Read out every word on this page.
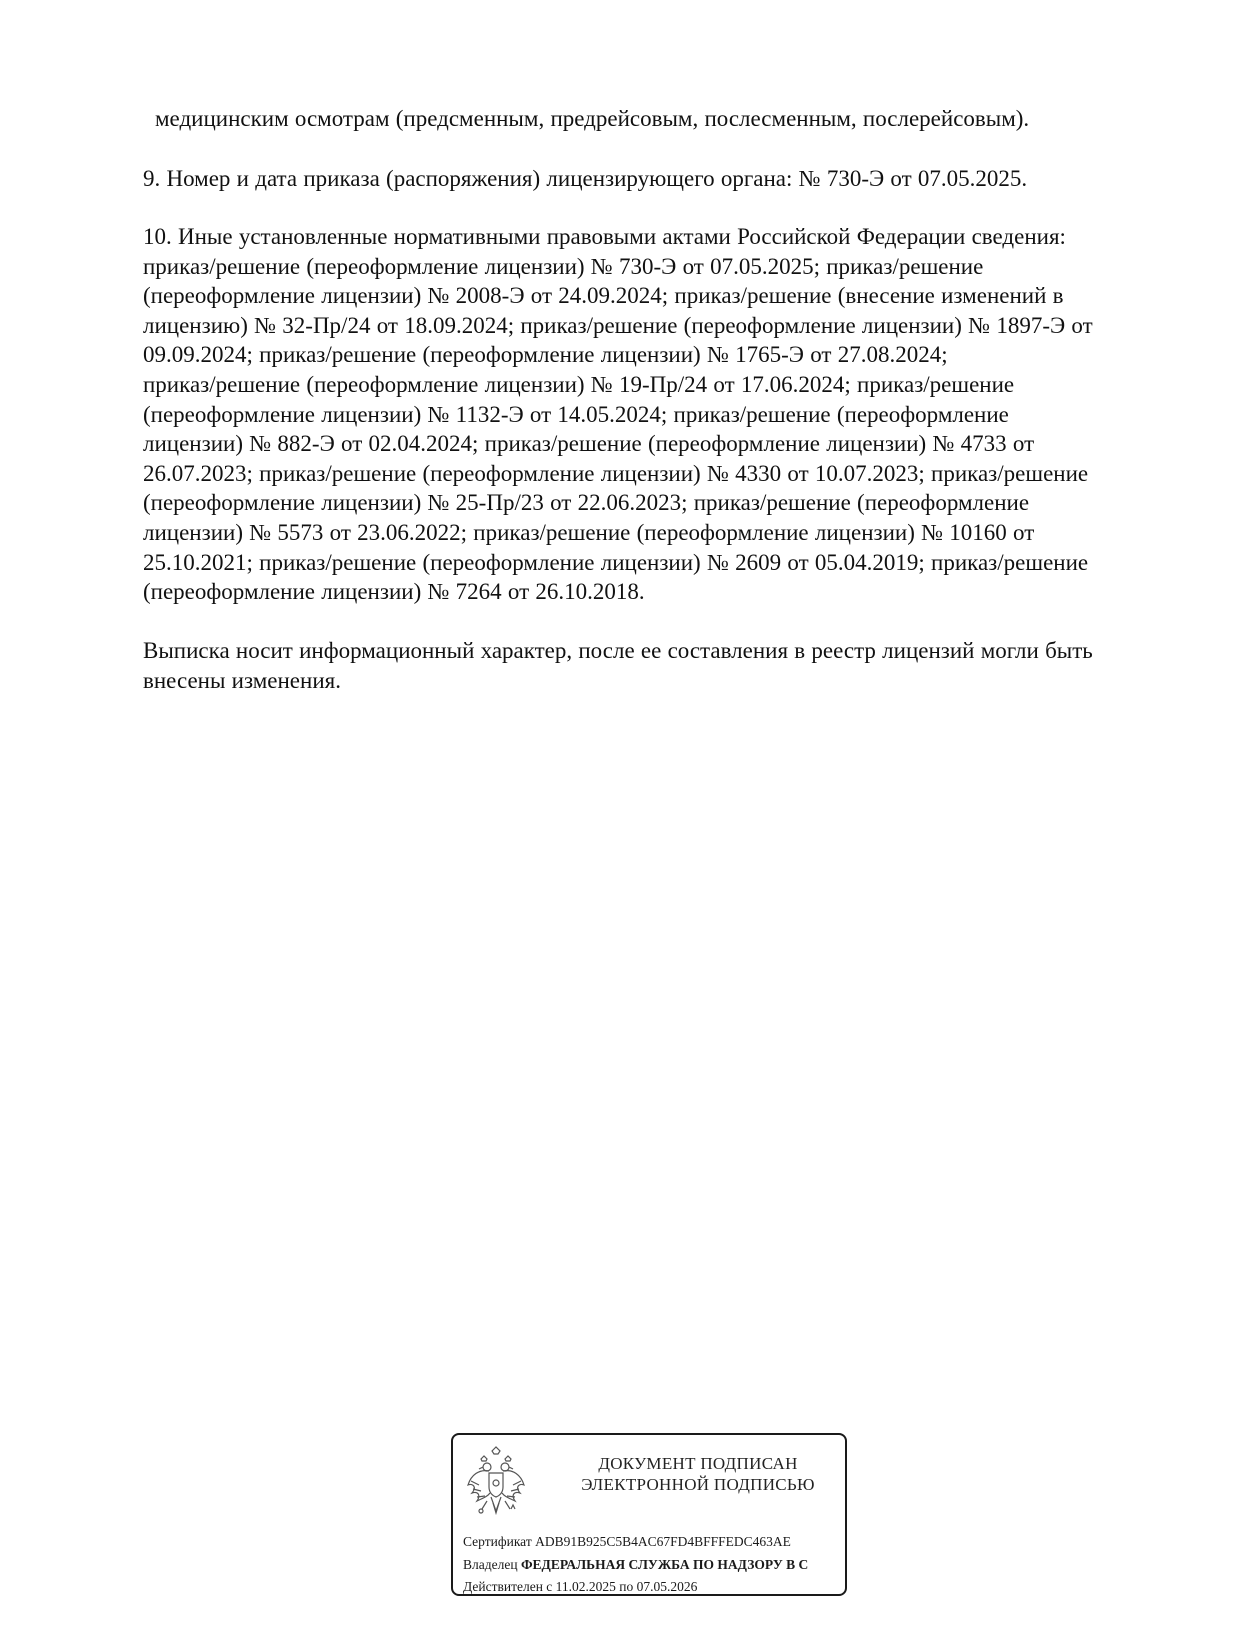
медицинским осмотрам (предсменным, предрейсовым, послесменным, послерейсовым).

9. Номер и дата приказа (распоряжения) лицензирующего органа: № 730-Э от 07.05.2025.

10. Иные установленные нормативными правовыми актами Российской Федерации сведения:
приказ/решение (переоформление лицензии) № 730-Э от 07.05.2025; приказ/решение
(переоформление лицензии) № 2008-Э от 24.09.2024; приказ/решение (внесение изменений в
лицензию) № 32-Пр/24 от 18.09.2024; приказ/решение (переоформление лицензии) № 1897-Э от
09.09.2024; приказ/решение (переоформление лицензии) № 1765-Э от 27.08.2024;
приказ/решение (переоформление лицензии) № 19-Пр/24 от 17.06.2024; приказ/решение
(переоформление лицензии) № 1132-Э от 14.05.2024; приказ/решение (переоформление
лицензии) № 882-Э от 02.04.2024; приказ/решение (переоформление лицензии) № 4733 от
26.07.2023; приказ/решение (переоформление лицензии) № 4330 от 10.07.2023; приказ/решение
(переоформление лицензии) № 25-Пр/23 от 22.06.2023; приказ/решение (переоформление
лицензии) № 5573 от 23.06.2022; приказ/решение (переоформление лицензии) № 10160 от
25.10.2021; приказ/решение (переоформление лицензии) № 2609 от 05.04.2019; приказ/решение
(переоформление лицензии) № 7264 от 26.10.2018.

Выписка носит информационный характер, после ее составления в реестр лицензий могли быть
внесены изменения.

ДОКУМЕНТ ПОДПИСАН
ЭЛЕКТРОННОЙ ПОДПИСЬЮ
Сертификат ADB91B925C5B4AC67FD4BFFFEDC463AE
Владелец ФЕДЕРАЛЬНАЯ СЛУЖБА ПО НАДЗОРУ В С
Действителен с 11.02.2025 по 07.05.2026
